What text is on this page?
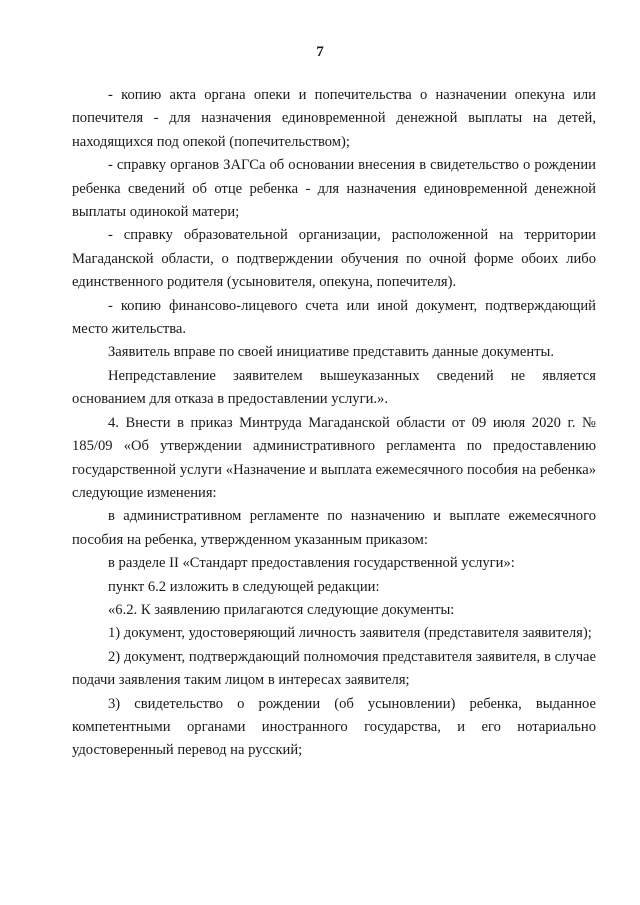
7

- копию акта органа опеки и попечительства о назначении опекуна или попечителя - для назначения единовременной денежной выплаты на детей, находящихся под опекой (попечительством);

- справку органов ЗАГСа об основании внесения в свидетельство о рождении ребенка сведений об отце ребенка - для назначения единовременной денежной выплаты одинокой матери;

- справку образовательной организации, расположенной на территории Магаданской области, о подтверждении обучения по очной форме обоих либо единственного родителя (усыновителя, опекуна, попечителя).

- копию финансово-лицевого счета или иной документ, подтверждающий место жительства.

Заявитель вправе по своей инициативе представить данные документы.

Непредставление заявителем вышеуказанных сведений не является основанием для отказа в предоставлении услуги.».

4. Внести в приказ Минтруда Магаданской области от 09 июля 2020 г. № 185/09 «Об утверждении административного регламента по предоставлению государственной услуги «Назначение и выплата ежемесячного пособия на ребенка» следующие изменения:

в административном регламенте по назначению и выплате ежемесячного пособия на ребенка, утвержденном указанным приказом:

в разделе II «Стандарт предоставления государственной услуги»:

пункт 6.2 изложить в следующей редакции:

«6.2. К заявлению прилагаются следующие документы:

1) документ, удостоверяющий личность заявителя (представителя заявителя);

2) документ, подтверждающий полномочия представителя заявителя, в случае подачи заявления таким лицом в интересах заявителя;

3) свидетельство о рождении (об усыновлении) ребенка, выданное компетентными органами иностранного государства, и его нотариально удостоверенный перевод на русский;
